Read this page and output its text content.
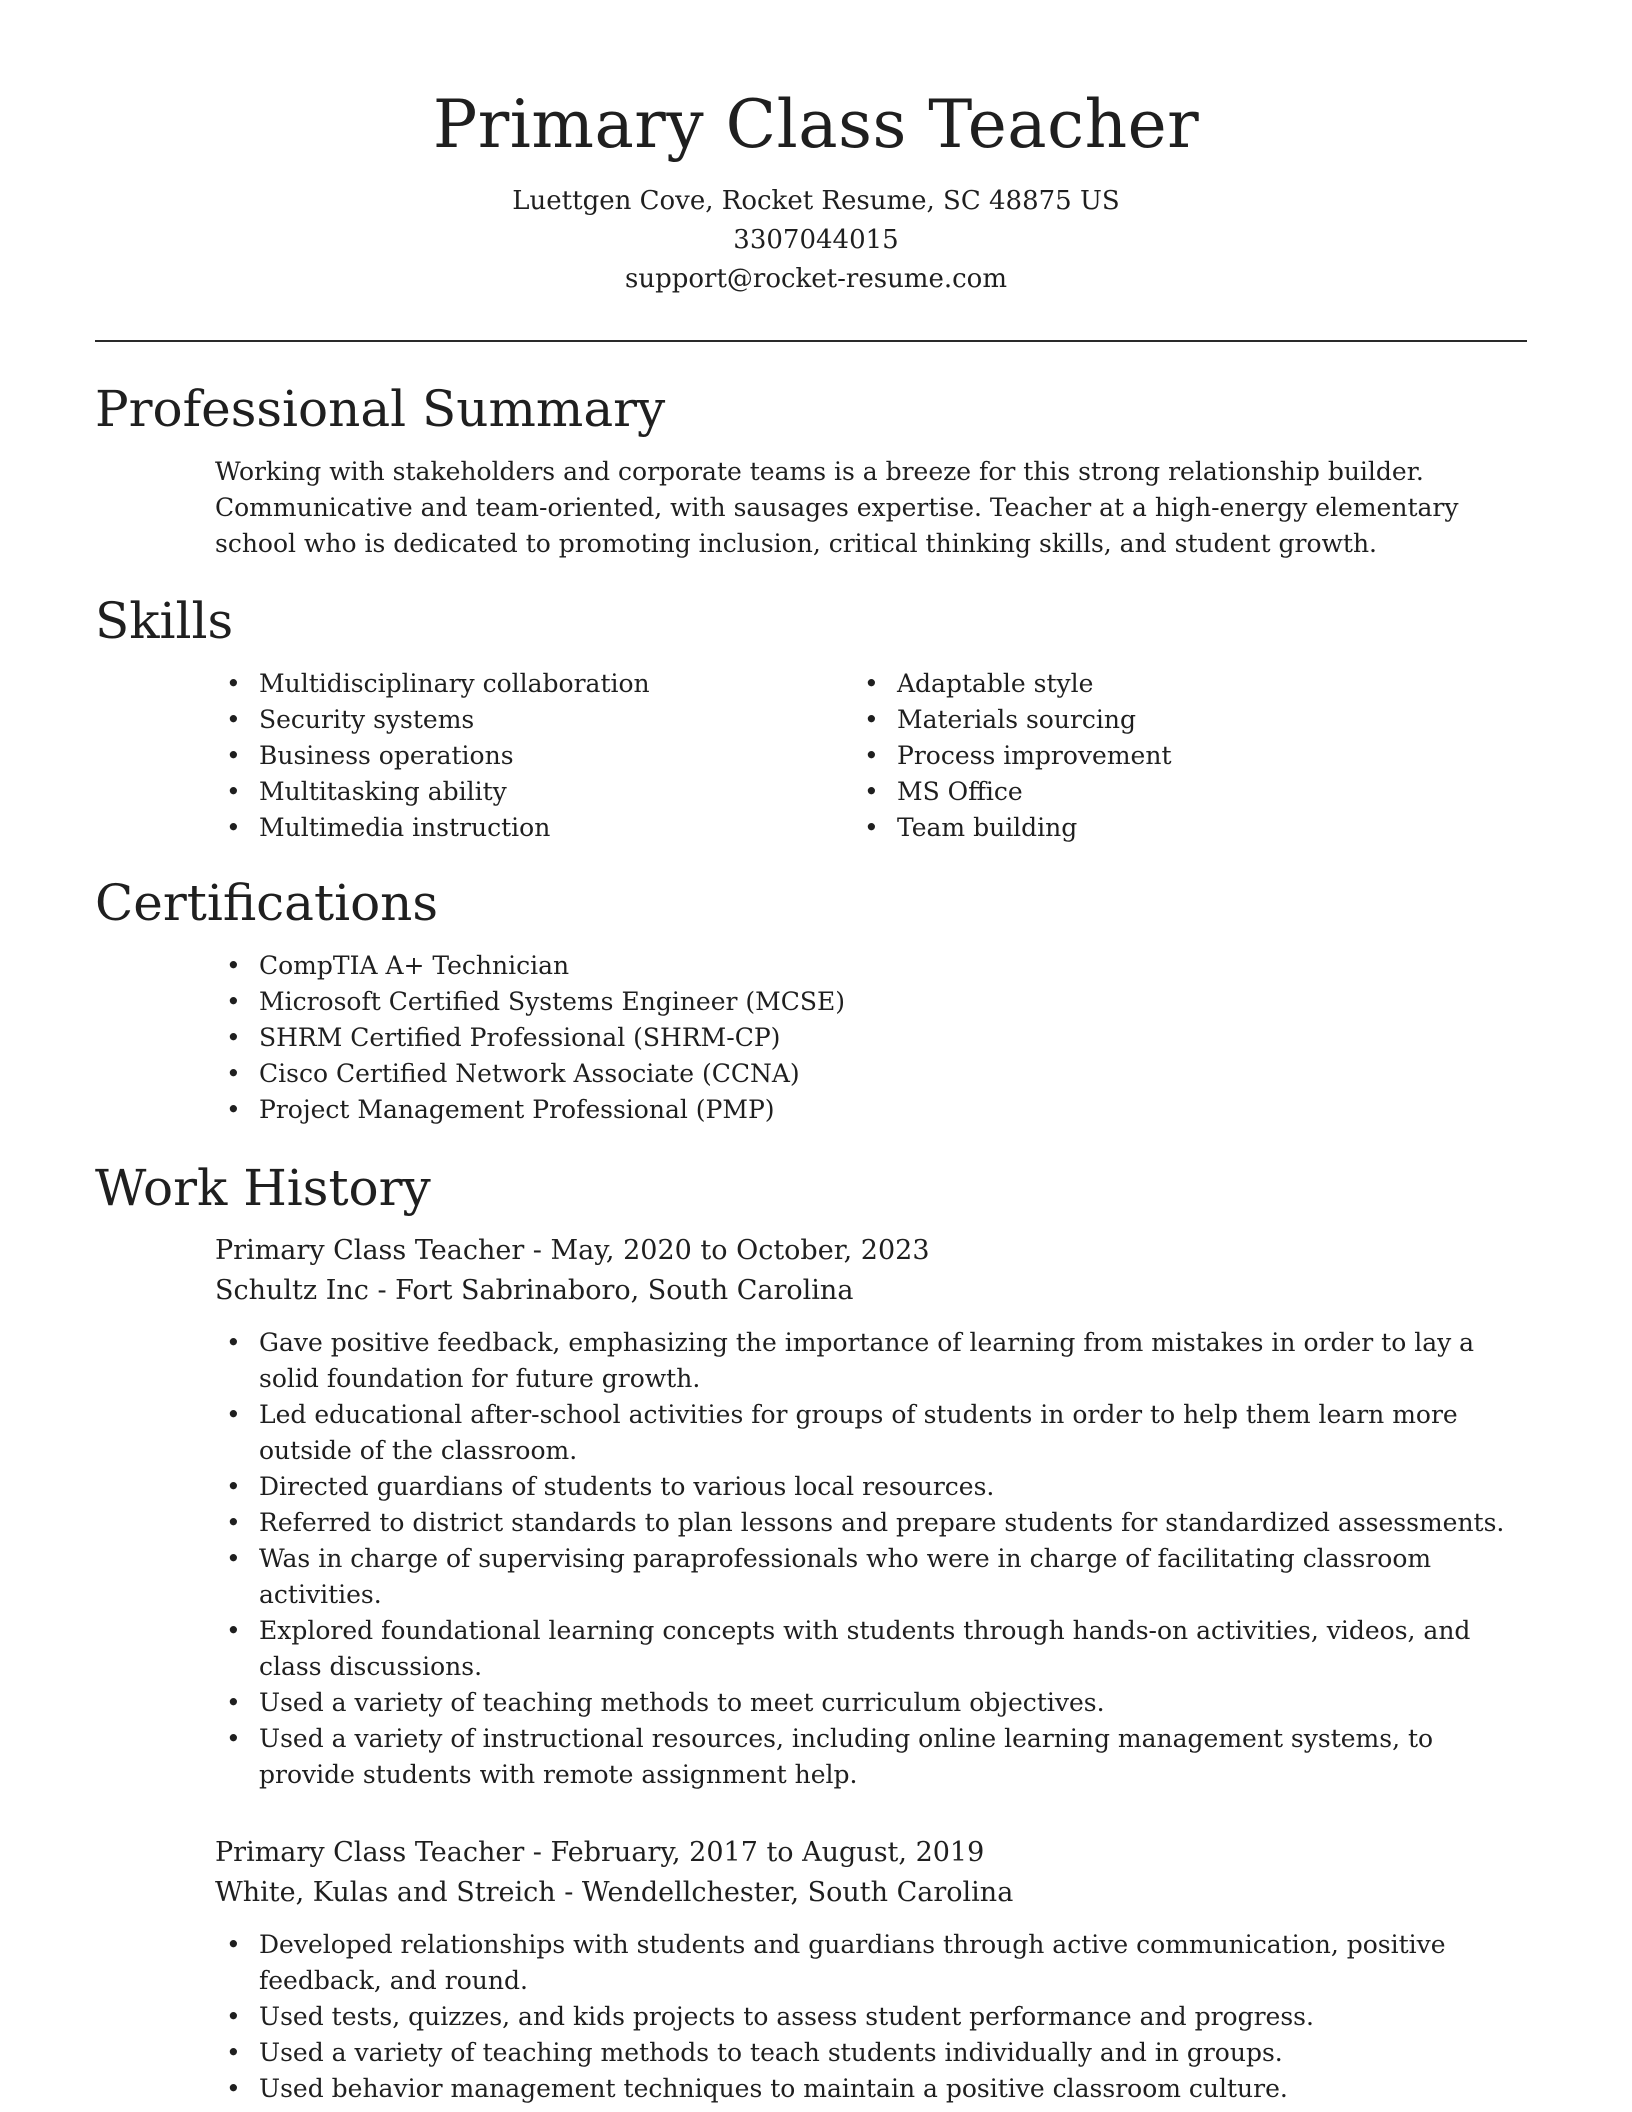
Primary Class Teacher
Luettgen Cove, Rocket Resume, SC 48875 US
3307044015
support@rocket-resume.com
Professional Summary
Working with stakeholders and corporate teams is a breeze for this strong relationship builder. Communicative and team-oriented, with sausages expertise. Teacher at a high-energy elementary school who is dedicated to promoting inclusion, critical thinking skills, and student growth.
Skills
• Multidisciplinary collaboration
• Security systems
• Business operations
• Multitasking ability
• Multimedia instruction
• Adaptable style
• Materials sourcing
• Process improvement
• MS Office
• Team building
Certifications
• CompTIA A+ Technician
• Microsoft Certified Systems Engineer (MCSE)
• SHRM Certified Professional (SHRM-CP)
• Cisco Certified Network Associate (CCNA)
• Project Management Professional (PMP)
Work History
Primary Class Teacher - May, 2020 to October, 2023
Schultz Inc - Fort Sabrinaboro, South Carolina
• Gave positive feedback, emphasizing the importance of learning from mistakes in order to lay a solid foundation for future growth.
• Led educational after-school activities for groups of students in order to help them learn more outside of the classroom.
• Directed guardians of students to various local resources.
• Referred to district standards to plan lessons and prepare students for standardized assessments.
• Was in charge of supervising paraprofessionals who were in charge of facilitating classroom activities.
• Explored foundational learning concepts with students through hands-on activities, videos, and class discussions.
• Used a variety of teaching methods to meet curriculum objectives.
• Used a variety of instructional resources, including online learning management systems, to provide students with remote assignment help.
Primary Class Teacher - February, 2017 to August, 2019
White, Kulas and Streich - Wendellchester, South Carolina
• Developed relationships with students and guardians through active communication, positive feedback, and round.
• Used tests, quizzes, and kids projects to assess student performance and progress.
• Used a variety of teaching methods to teach students individually and in groups.
• Used behavior management techniques to maintain a positive classroom culture.
